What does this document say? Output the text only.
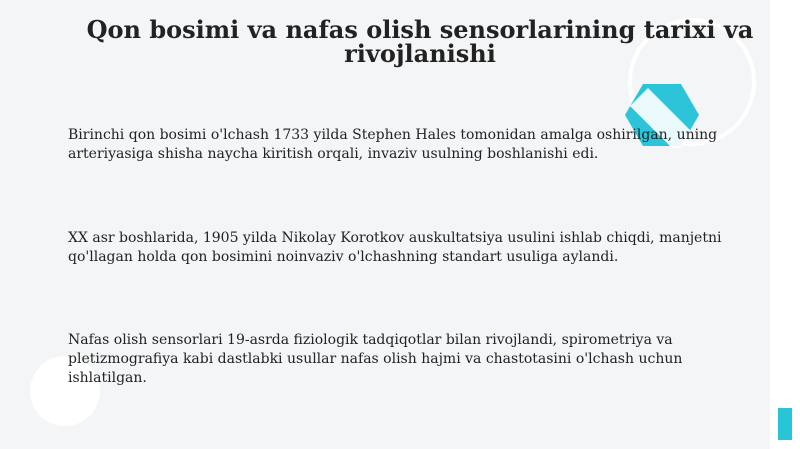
Qon bosimi va nafas olish sensorlarining tarixi va rivojlanishi

Birinchi qon bosimi o'lchash 1733 yilda Stephen Hales tomonidan amalga oshirilgan, uning arteriyasiga shisha naycha kiritish orqali, invaziv usulning boshlanishi edi.

XX asr boshlarida, 1905 yilda Nikolay Korotkov auskultatsiya usulini ishlab chiqdi, manjetni qo'llagan holda qon bosimini noinvaziv o'lchashning standart usuliga aylandi.

Nafas olish sensorlari 19-asrda fiziologik tadqiqotlar bilan rivojlandi, spirometriya va pletizmografiya kabi dastlabki usullar nafas olish hajmi va chastotasini o'lchash uchun ishlatilgan.
